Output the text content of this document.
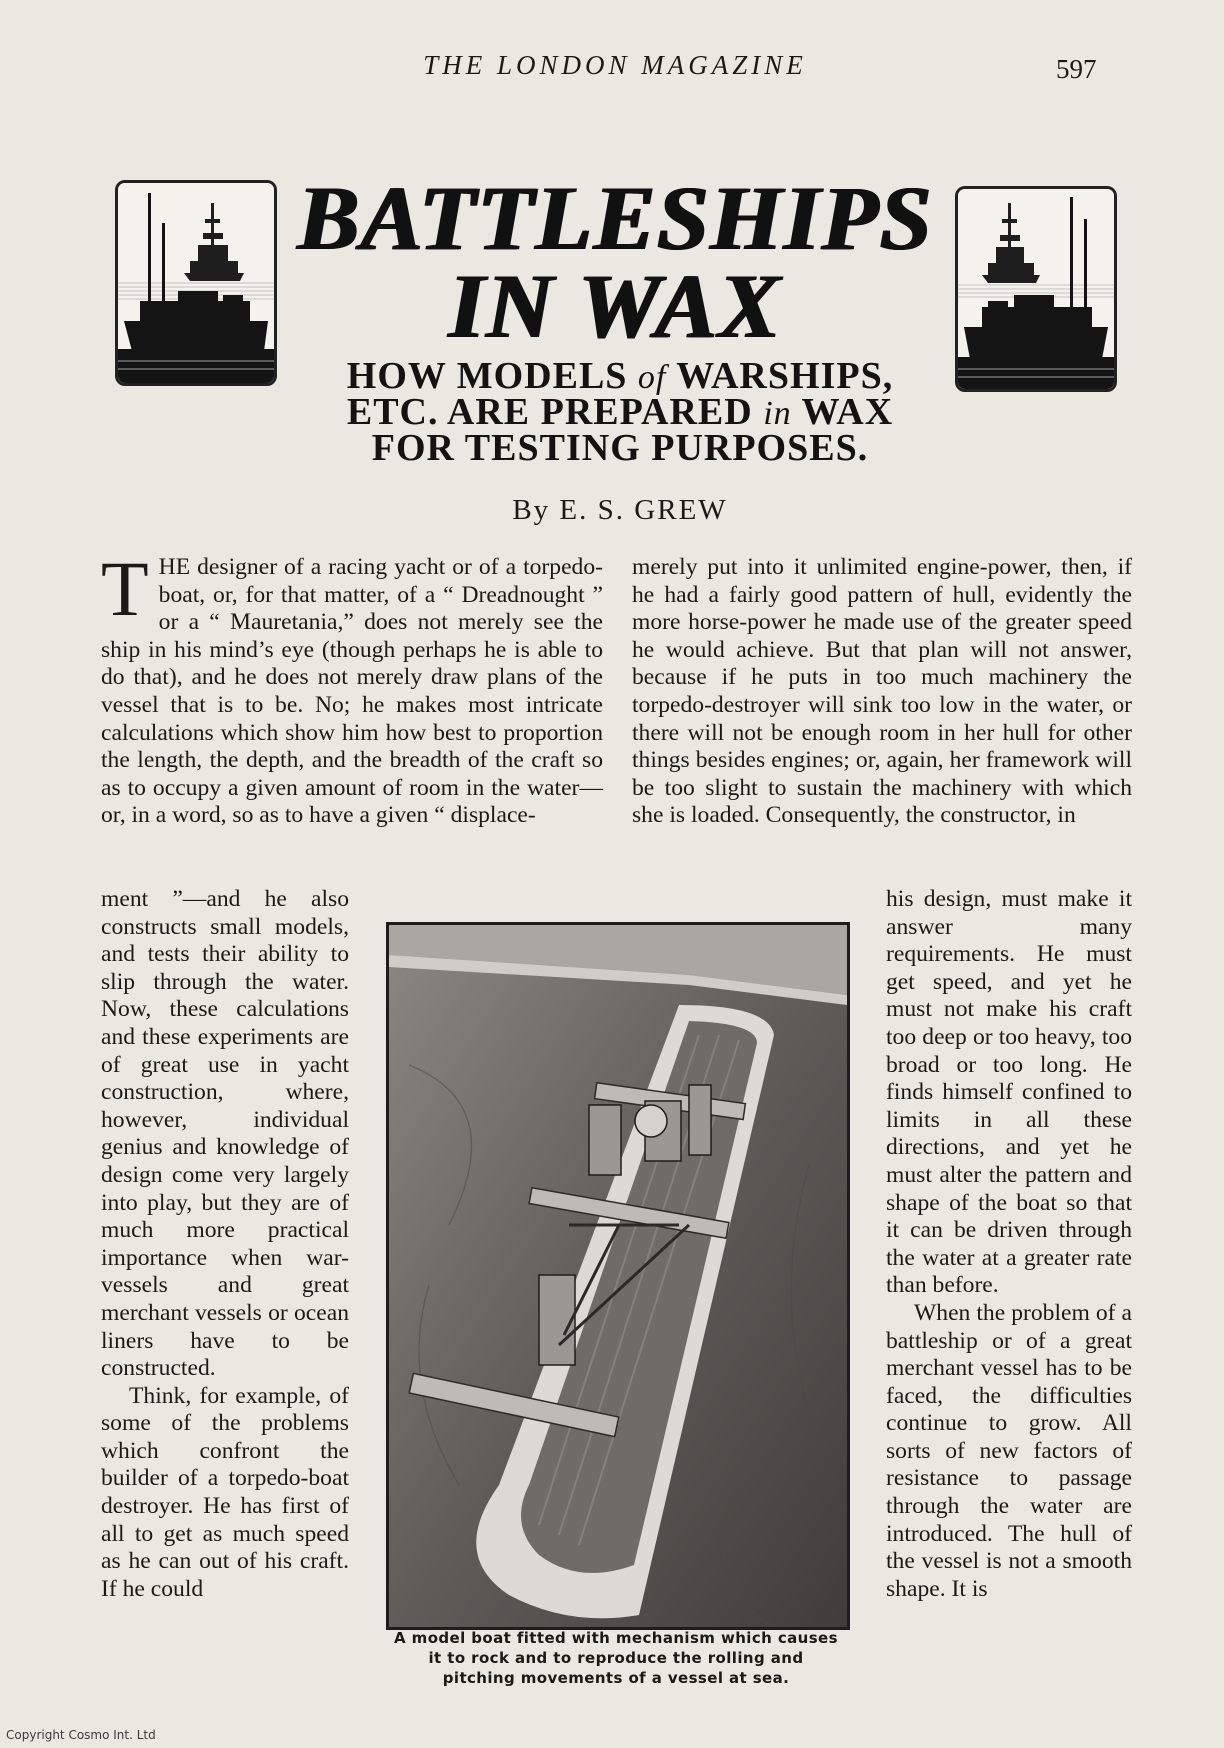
THE LONDON MAGAZINE	597
BATTLESHIPS
IN WAX
HOW MODELS of WARSHIPS,
ETC. ARE PREPARED in WAX
FOR TESTING PURPOSES.
By E. S. GREW

THE designer of a racing yacht or of a torpedo-boat, or, for that matter, of a “ Dreadnought ” or a “ Mauretania,” does not merely see the ship in his mind’s eye (though perhaps he is able to do that), and he does not merely draw plans of the vessel that is to be. No; he makes most intricate calculations which show him how best to proportion the length, the depth, and the breadth of the craft so as to occupy a given amount of room in the water—or, in a word, so as to have a given “ displace-

ment ”—and he also constructs small models, and tests their ability to slip through the water. Now, these calculations and these experiments are of great use in yacht construction, where, however, individual genius and knowledge of design come very largely into play, but they are of much more practical importance when war-vessels and great merchant vessels or ocean liners have to be constructed.

Think, for example, of some of the problems which confront the builder of a torpedo-boat destroyer. He has first of all to get as much speed as he can out of his craft. If he could

merely put into it unlimited engine-power, then, if he had a fairly good pattern of hull, evidently the more horse-power he made use of the greater speed he would achieve. But that plan will not answer, because if he puts in too much machinery the torpedo-destroyer will sink too low in the water, or there will not be enough room in her hull for other things besides engines; or, again, her framework will be too slight to sustain the machinery with which she is loaded. Consequently, the constructor, in

his design, must make it answer many requirements. He must get speed, and yet he must not make his craft too deep or too heavy, too broad or too long. He finds himself confined to limits in all these directions, and yet he must alter the pattern and shape of the boat so that it can be driven through the water at a greater rate than before.

When the problem of a battleship or of a great merchant vessel has to be faced, the difficulties continue to grow. All sorts of new factors of resistance to passage through the water are introduced. The hull of the vessel is not a smooth shape. It is

A model boat fitted with mechanism which causes it to rock and to reproduce the rolling and pitching movements of a vessel at sea.
Copyright Cosmo Int. Ltd
